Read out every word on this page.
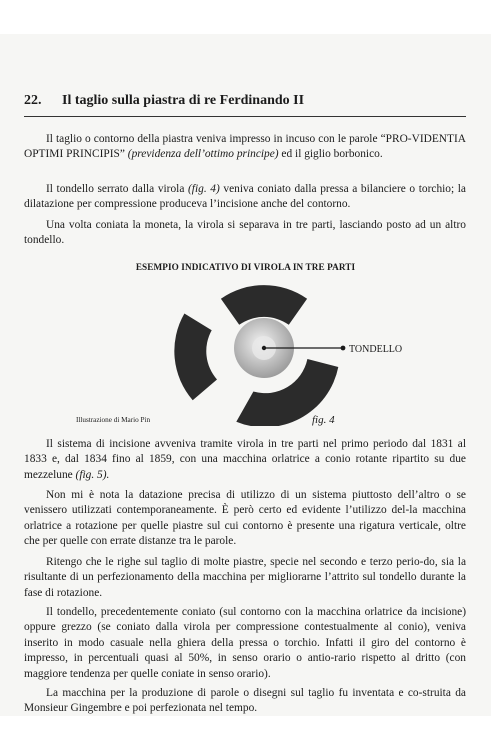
22. Il taglio sulla piastra di re Ferdinando II

Il taglio o contorno della piastra veniva impresso in incuso con le parole “PRO-VIDENTIA OPTIMI PRINCIPIS” (previdenza dell’ottimo principe) ed il giglio borbonico.

Il tondello serrato dalla virola (fig. 4) veniva coniato dalla pressa a bilanciere o torchio; la dilatazione per compressione produceva l’incisione anche del contorno.

Una volta coniata la moneta, la virola si separava in tre parti, lasciando posto ad un altro tondello.

ESEMPIO INDICATIVO DI VIROLA IN TRE PARTI
TONDELLO
Illustrazione di Mario Pin	fig. 4

Il sistema di incisione avveniva tramite virola in tre parti nel primo periodo dal 1831 al 1833 e, dal 1834 fino al 1859, con una macchina orlatrice a conio rotante ripartito su due mezzelune (fig. 5).

Non mi è nota la datazione precisa di utilizzo di un sistema piuttosto dell’altro o se venissero utilizzati contemporaneamente. È però certo ed evidente l’utilizzo del-la macchina orlatrice a rotazione per quelle piastre sul cui contorno è presente una rigatura verticale, oltre che per quelle con errate distanze tra le parole.

Ritengo che le righe sul taglio di molte piastre, specie nel secondo e terzo perio-do, sia la risultante di un perfezionamento della macchina per migliorarne l’attrito sul tondello durante la fase di rotazione.

Il tondello, precedentemente coniato (sul contorno con la macchina orlatrice da incisione) oppure grezzo (se coniato dalla virola per compressione contestualmente al conio), veniva inserito in modo casuale nella ghiera della pressa o torchio. Infatti il giro del contorno è impresso, in percentuali quasi al 50%, in senso orario o antio-rario rispetto al dritto (con maggiore tendenza per quelle coniate in senso orario).

La macchina per la produzione di parole o disegni sul taglio fu inventata e co-struita da Monsieur Gingembre e poi perfezionata nel tempo.
